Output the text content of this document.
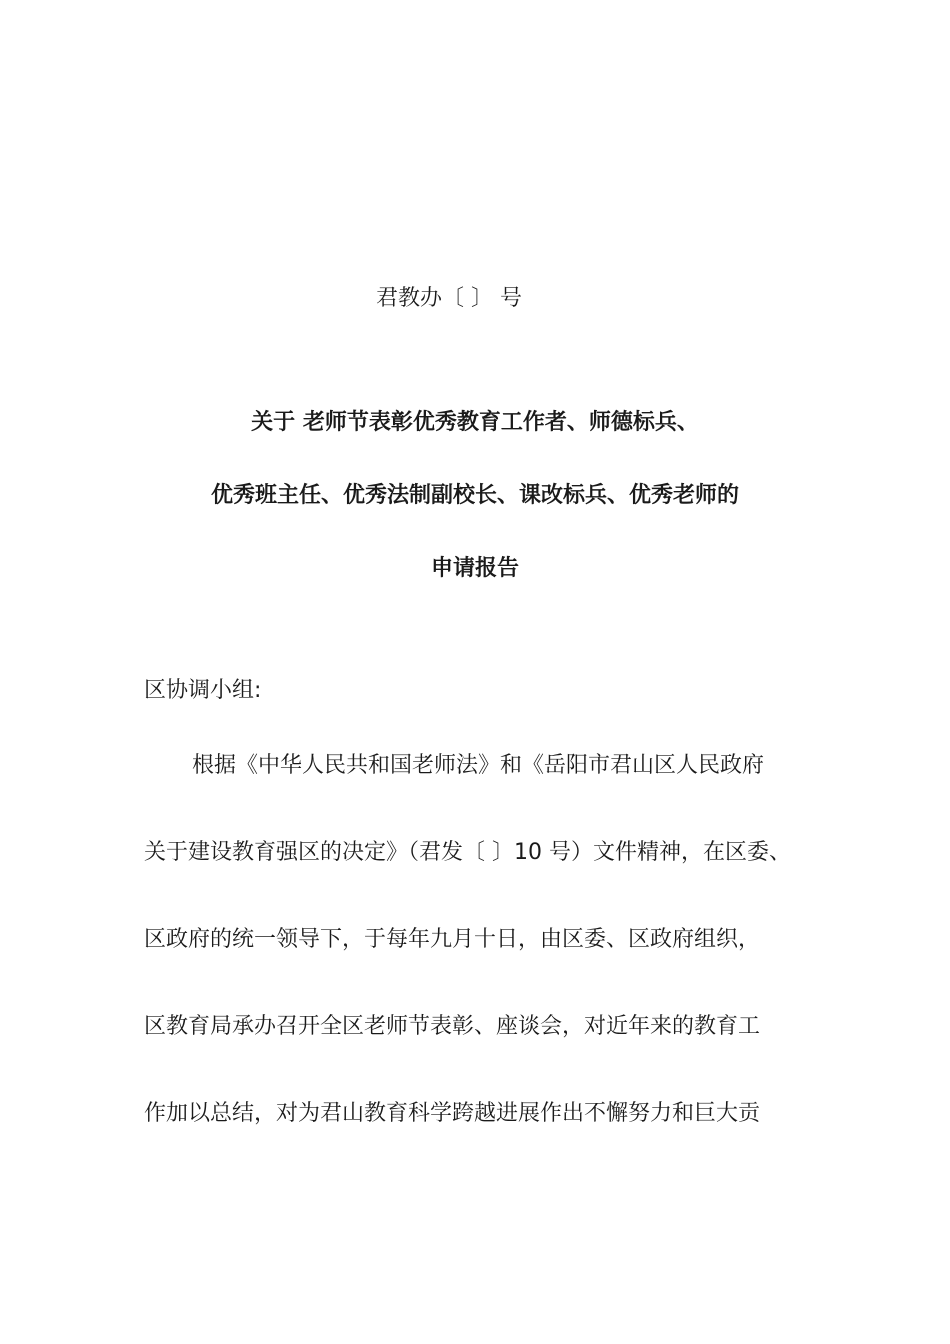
君教办〔 〕 号
关于 老师节表彰优秀教育工作者、师德标兵、
优秀班主任、优秀法制副校长、课改标兵、优秀老师的
申请报告
区协调小组:
根据《中华人民共和国老师法》和《岳阳市君山区人民政府
关于建设教育强区的决定》（君发〔 〕10 号）文件精神，在区委、
区政府的统一领导下，于每年九月十日，由区委、区政府组织，
区教育局承办召开全区老师节表彰、座谈会，对近年来的教育工
作加以总结，对为君山教育科学跨越进展作出不懈努力和巨大贡
